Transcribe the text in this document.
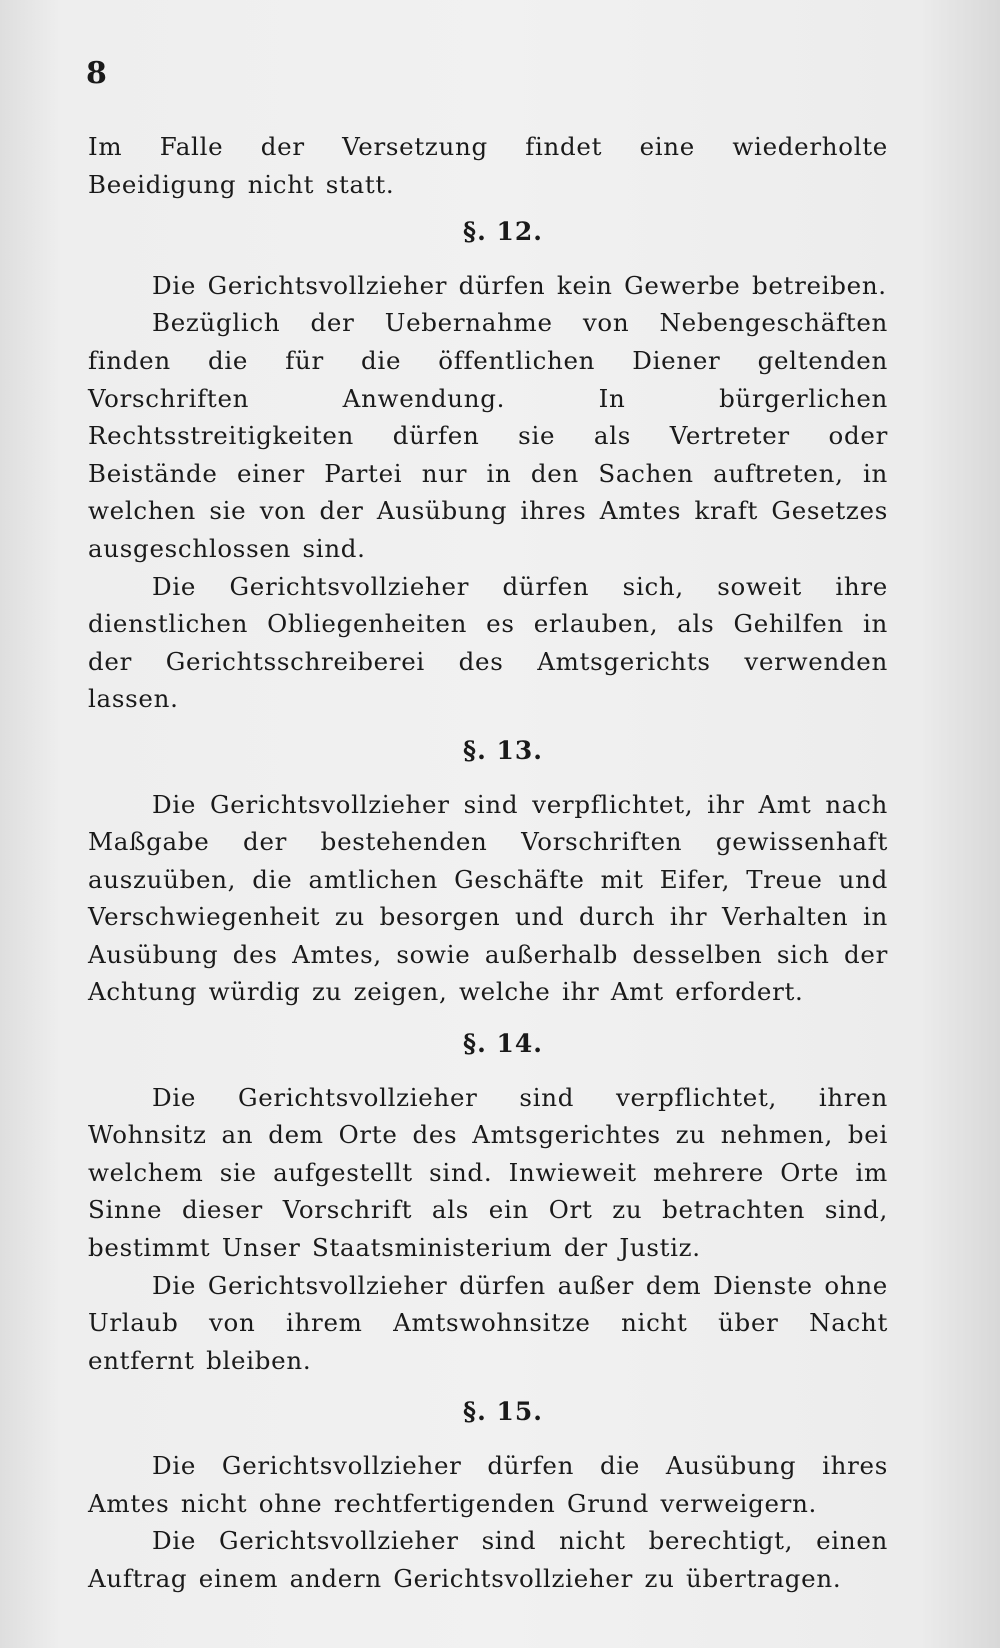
8

Im Falle der Versetzung findet eine wiederholte Beeidigung nicht statt.

§. 12.

Die Gerichtsvollzieher dürfen kein Gewerbe betreiben.

Bezüglich der Uebernahme von Nebengeschäften finden die für die öffentlichen Diener geltenden Vorschriften Anwendung. In bürgerlichen Rechtsstreitigkeiten dürfen sie als Vertreter oder Beistände einer Partei nur in den Sachen auftreten, in welchen sie von der Ausübung ihres Amtes kraft Gesetzes ausgeschlossen sind.

Die Gerichtsvollzieher dürfen sich, soweit ihre dienstlichen Obliegenheiten es erlauben, als Gehilfen in der Gerichtsschreiberei des Amtsgerichts verwenden lassen.

§. 13.

Die Gerichtsvollzieher sind verpflichtet, ihr Amt nach Maßgabe der bestehenden Vorschriften gewissenhaft auszuüben, die amtlichen Geschäfte mit Eifer, Treue und Verschwiegenheit zu besorgen und durch ihr Verhalten in Ausübung des Amtes, sowie außerhalb desselben sich der Achtung würdig zu zeigen, welche ihr Amt erfordert.

§. 14.

Die Gerichtsvollzieher sind verpflichtet, ihren Wohnsitz an dem Orte des Amtsgerichtes zu nehmen, bei welchem sie aufgestellt sind. Inwieweit mehrere Orte im Sinne dieser Vorschrift als ein Ort zu betrachten sind, bestimmt Unser Staatsministerium der Justiz.

Die Gerichtsvollzieher dürfen außer dem Dienste ohne Urlaub von ihrem Amtswohnsitze nicht über Nacht entfernt bleiben.

§. 15.

Die Gerichtsvollzieher dürfen die Ausübung ihres Amtes nicht ohne rechtfertigenden Grund verweigern.

Die Gerichtsvollzieher sind nicht berechtigt, einen Auftrag einem andern Gerichtsvollzieher zu übertragen.
